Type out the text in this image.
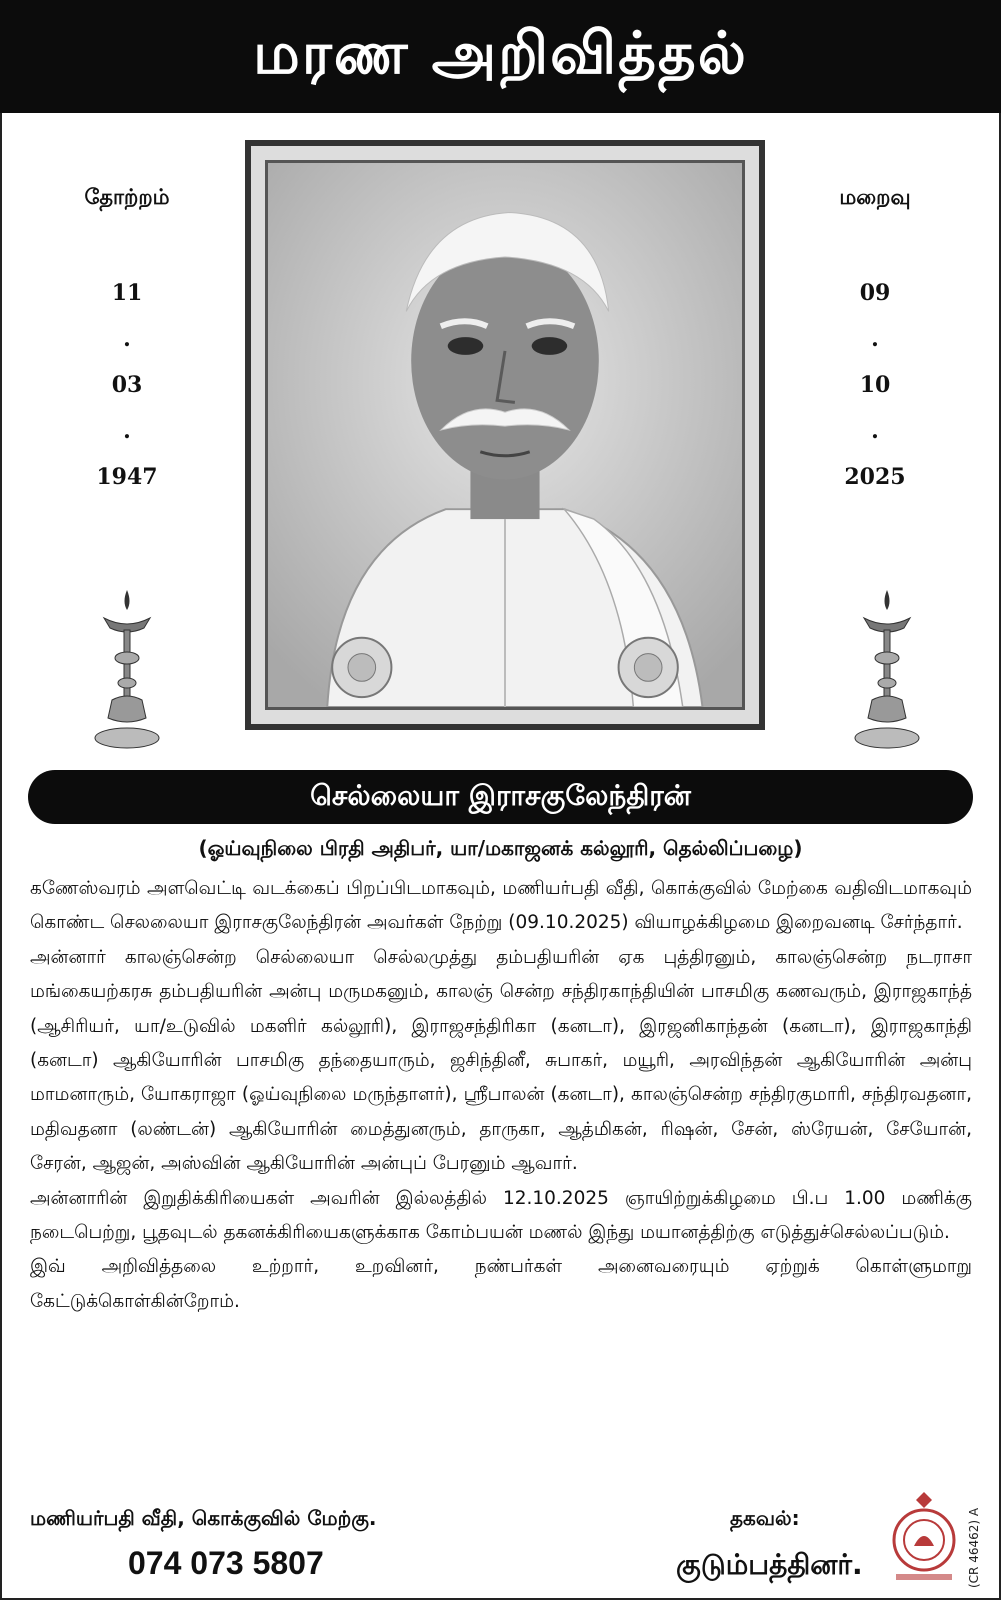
மரண அறிவித்தல்
தோற்றம்
11
.
03
.
1947
மறைவு
09
.
10
.
2025
செல்லையா இராசகுலேந்திரன்
(ஓய்வுநிலை பிரதி அதிபர், யா/மகாஜனக் கல்லூரி, தெல்லிப்பழை)

கணேஸ்வரம் அளவெட்டி வடக்கைப் பிறப்பிடமாகவும், மணியர்பதி வீதி, கொக்குவில் மேற்கை வதிவிடமாகவும் கொண்ட செலலையா இராசகுலேந்திரன் அவர்கள் நேற்று (09.10.2025) வியாழக்கிழமை இறைவனடி சேர்ந்தார்.

அன்னார் காலஞ்சென்ற செல்லையா செல்லமுத்து தம்பதியரின் ஏக புத்திரனும், காலஞ்சென்ற நடராசா மங்கையற்கரசு தம்பதியரின் அன்பு மருமகனும், காலஞ் சென்ற சந்திரகாந்தியின் பாசமிகு கணவரும், இராஜகாந்த் (ஆசிரியர், யா/உடுவில் மகளிர் கல்லூரி), இராஜசந்திரிகா (கனடா), இரஜனிகாந்தன் (கனடா), இராஜகாந்தி (கனடா) ஆகியோரின் பாசமிகு தந்தையாரும், ஜசிந்தினீ, சுபாகர், மயூரி, அரவிந்தன் ஆகியோரின் அன்பு மாமனாரும், யோகராஜா (ஓய்வுநிலை மருந்தாளர்), ஸ்ரீபாலன் (கனடா), காலஞ்சென்ற சந்திரகுமாரி, சந்திரவதனா, மதிவதனா (லண்டன்) ஆகியோரின் மைத்துனரும், தாருகா, ஆத்மிகன், ரிஷன், சேன், ஸ்ரேயன், சேயோன், சேரன், ஆஜன், அஸ்வின் ஆகியோரின் அன்புப் பேரனும் ஆவார்.

அன்னாரின் இறுதிக்கிரியைகள் அவரின் இல்லத்தில் 12.10.2025 ஞாயிற்றுக்கிழமை பி.ப 1.00 மணிக்கு நடைபெற்று, பூதவுடல் தகனக்கிரியைகளுக்காக கோம்பயன் மணல் இந்து மயானத்திற்கு எடுத்துச்செல்லப்படும்.

இவ் அறிவித்தலை உற்றார், உறவினர், நண்பர்கள் அனைவரையும் ஏற்றுக் கொள்ளுமாறு கேட்டுக்கொள்கின்றோம்.

மணியர்பதி வீதி, கொக்குவில் மேற்கு.
074 073 5807
தகவல்:
குடும்பத்தினர்.	(CR 46462) A
